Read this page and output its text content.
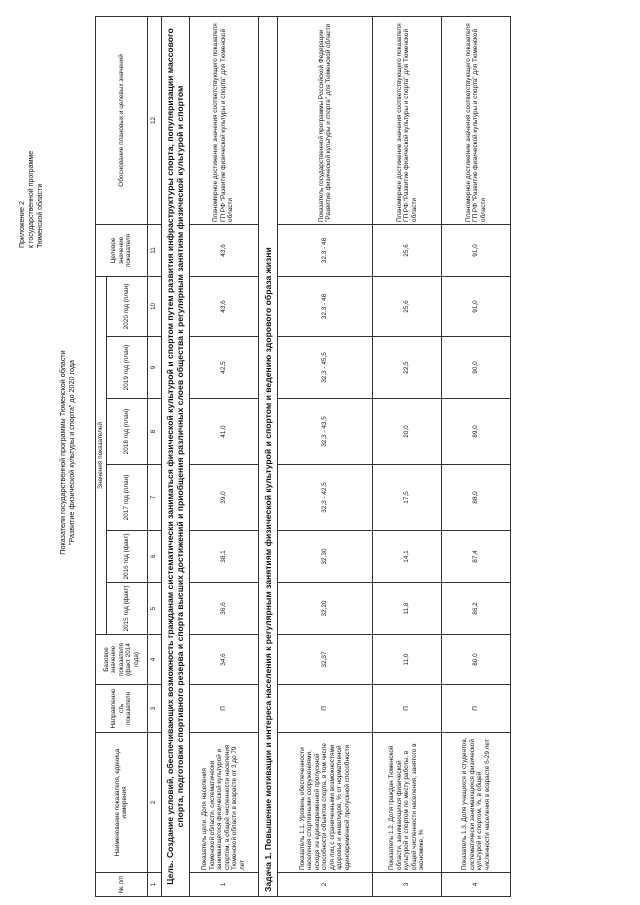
Приложение 2 к государственной программе Тюменской области
Показатели государственной программы Тюменской области "Развитие физической культуры и спорта" до 2020 года
№ п/п	Наименование показателя, единица измерения	Направленно сть показателя	Базовое значение показателя (факт 2014 года)	Значения показателей						Целевое значение показателя	Обоснование плановых и целевых значений
				2015 год (факт)	2016 год (факт)	2017 год (план)	2018 год (план)	2019 год (план)	2020 год (план)		
1	2	3	4	5	6	7	8	9	10	11	12
Цель. Создание условий, обеспечивающих возможность гражданам систематически заниматься физической культурой и спортом путем развития инфраструктуры спорта, популяризации массового спорта, подготовки спортивного резерва и спорта высших достижений и приобщения различных слоев общества к регулярным занятиям физической культурой и спортом											
1	Показатель цели. Доля населения Тюменской области, систематически занимающегося физической культурой и спортом, в общей численности населения Тюменской области в возрасте от 3 до 79 лет	П	34,6	36,6	38,1	39,0	41,0	42,5	43,6	43,6	Планомерное достижение значения соответствующего показателя ГП РФ "Развитие физической культуры и спорта" для Тюменской области
Задача 1. Повышение мотивации и интереса населения к регулярным занятиям физической культурой и спортом и ведению здорового образа жизни											
2	Показатель 1.1. Уровень обеспеченности населения спортивными сооружениями, исходя из единовременной пропускной способности объектов спорта, в том числе для лиц с ограниченными возможностями здоровья и инвалидов, % от нормативной единовременной пропускной способности	П	32,37	32,20	32,30	32,3 - 42,5	32,3 - 43,5	32,3 - 45,5	32,3 - 48	32,3 - 48	Показатель государственной программы Российской Федерации "Развитие физической культуры и спорта" для Тюменской области
3	Показатель 1.2. Доля граждан Тюменской области, занимающихся физической культурой и спортом по месту работы, в общей численности населения, занятого в экономике, %	П	11,0	11,8	14,1	17,5	20,0	22,5	25,6	25,6	Планомерное достижение значения соответствующего показателя ГП РФ "Развитие физической культуры и спорта" для Тюменской области
4	Показатель 1.3. Доля учащихся и студентов, систематически занимающихся физической культурой и спортом, %, в общей численности населения в возрасте 6-29 лет	П	80,0	86,2	87,4	88,0	89,0	90,0	91,0	91,0	Планомерное достижение значения соответствующего показателя ГП РФ "Развитие физической культуры и спорта" для Тюменской области
